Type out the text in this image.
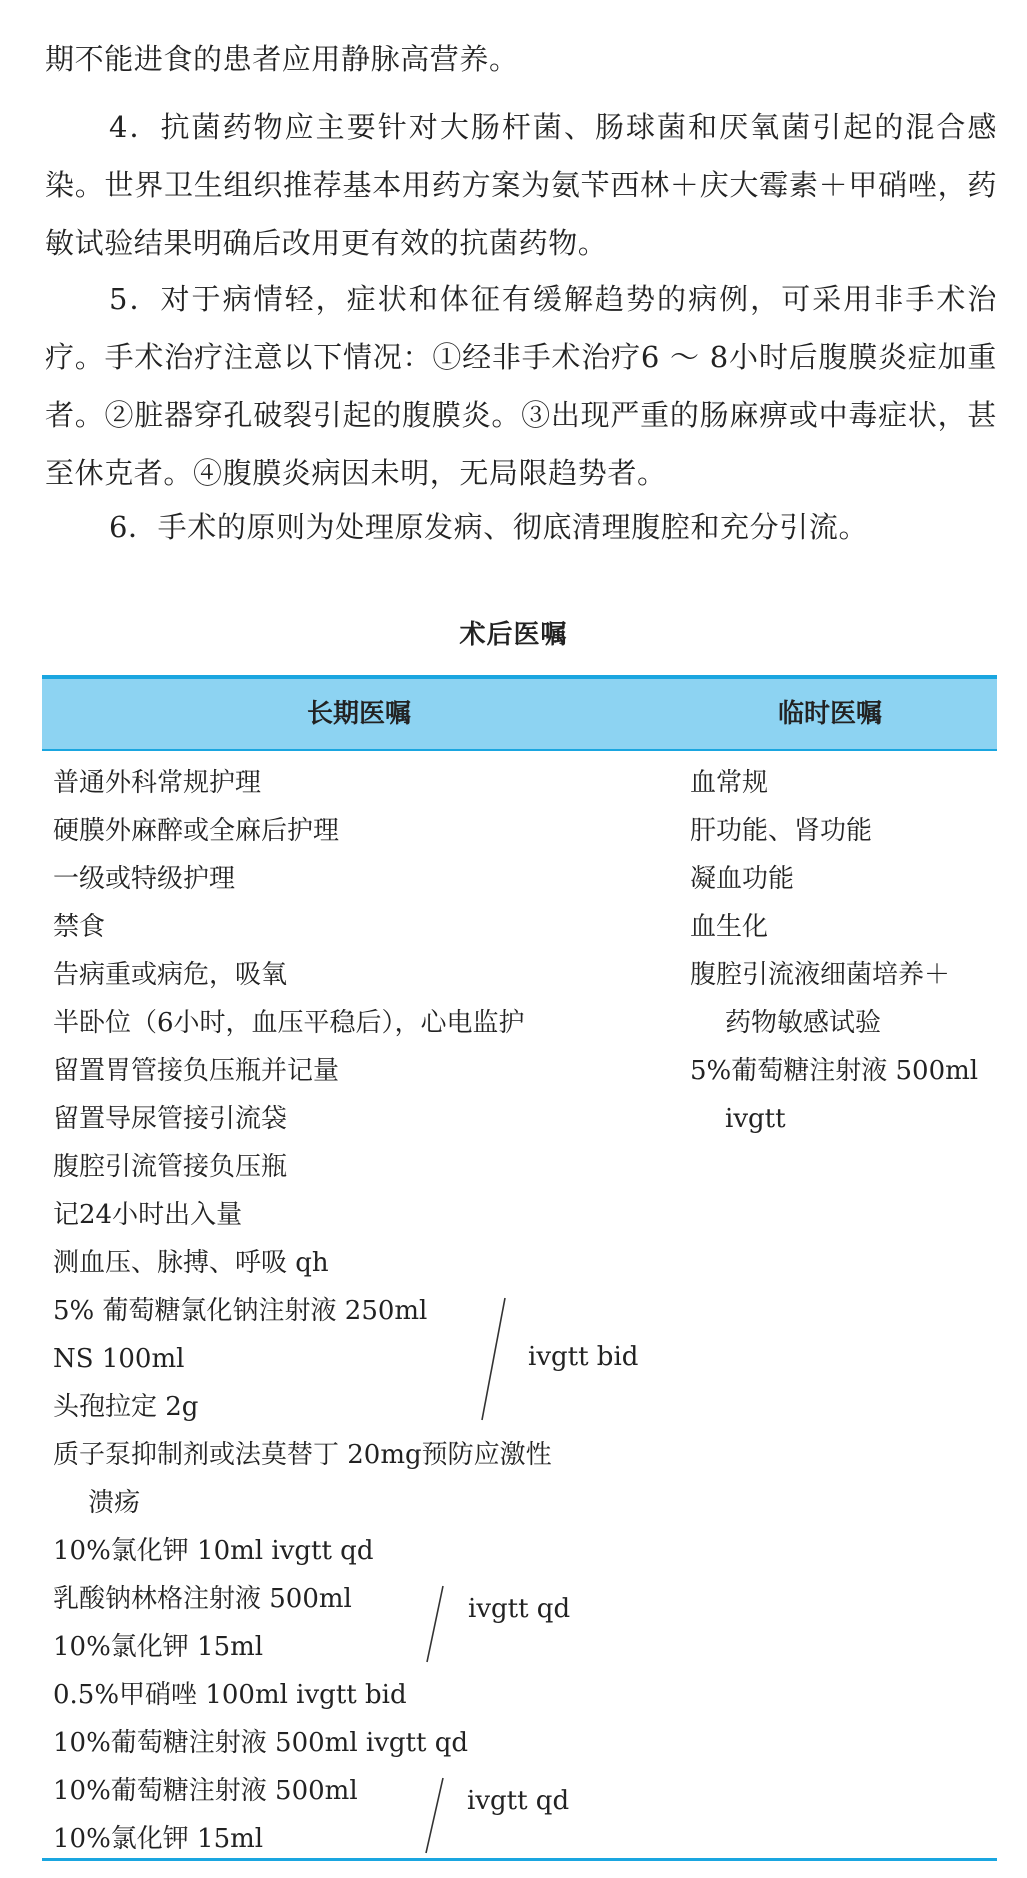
期不能进食的患者应用静脉高营养。

4．抗菌药物应主要针对大肠杆菌、肠球菌和厌氧菌引起的混合感染。世界卫生组织推荐基本用药方案为氨苄西林＋庆大霉素＋甲硝唑，药敏试验结果明确后改用更有效的抗菌药物。

5．对于病情轻，症状和体征有缓解趋势的病例，可采用非手术治疗。手术治疗注意以下情况：①经非手术治疗6 ～ 8小时后腹膜炎症加重者。②脏器穿孔破裂引起的腹膜炎。③出现严重的肠麻痹或中毒症状，甚至休克者。④腹膜炎病因未明，无局限趋势者。

6．手术的原则为处理原发病、彻底清理腹腔和充分引流。

术后医嘱
长期医嘱	临时医嘱
普通外科常规护理
硬膜外麻醉或全麻后护理
一级或特级护理
禁食
告病重或病危，吸氧
半卧位（6小时，血压平稳后），心电监护
留置胃管接负压瓶并记量
留置导尿管接引流袋
腹腔引流管接负压瓶
记24小时出入量
测血压、脉搏、呼吸 qh
5% 葡萄糖氯化钠注射液 250ml
NS 100ml
头孢拉定 2g
质子泵抑制剂或法莫替丁 20mg预防应激性
溃疡
10%氯化钾 10ml ivgtt qd
乳酸钠林格注射液 500ml
10%氯化钾 15ml
0.5%甲硝唑 100ml ivgtt bid
10%葡萄糖注射液 500ml ivgtt qd
10%葡萄糖注射液 500ml
10%氯化钾 15ml
血常规
肝功能、肾功能
凝血功能
血生化
腹腔引流液细菌培养＋
药物敏感试验
5%葡萄糖注射液 500ml
ivgtt
ivgtt bid
ivgtt qd
ivgtt qd
